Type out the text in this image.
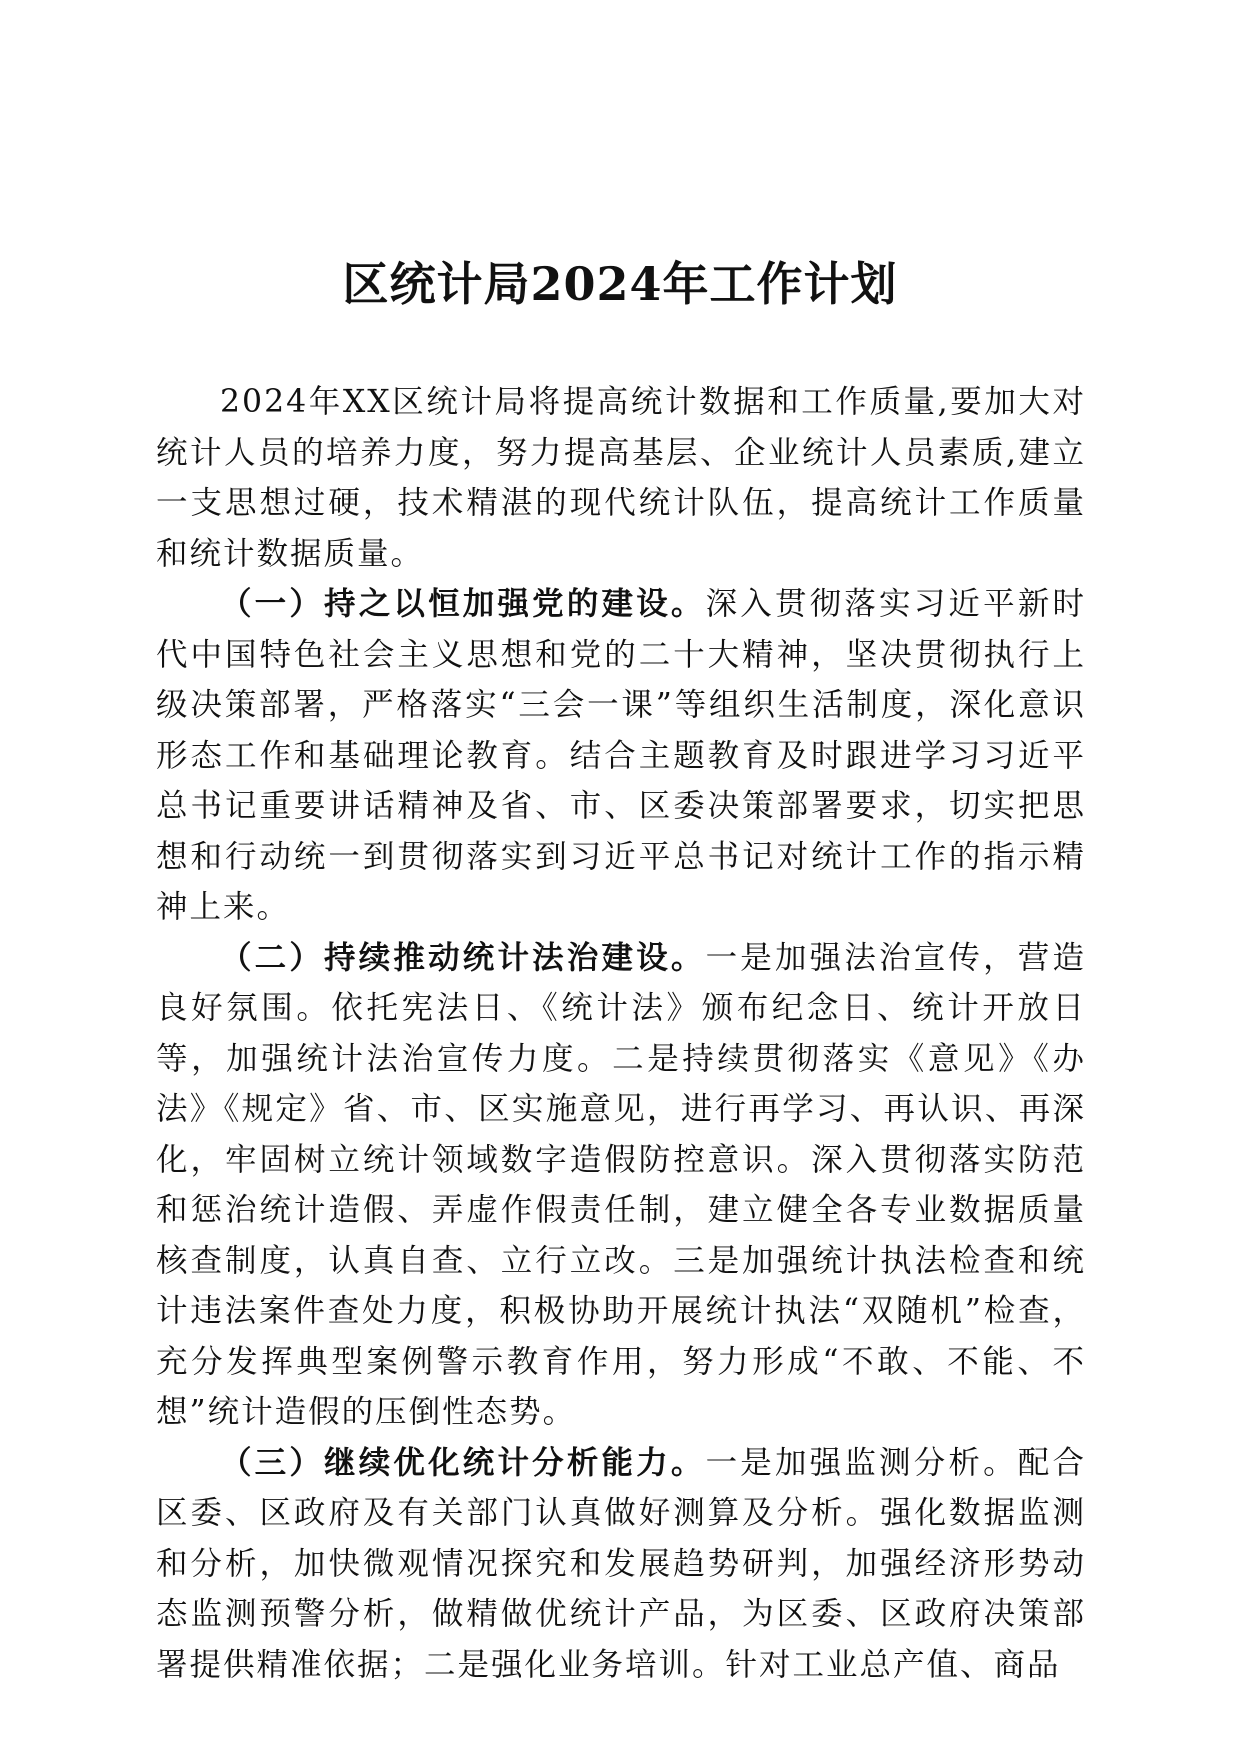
区统计局2024年工作计划

2024年XX区统计局将提高统计数据和工作质量,要加大对统计人员的培养力度，努力提高基层、企业统计人员素质,建立一支思想过硬，技术精湛的现代统计队伍，提高统计工作质量和统计数据质量。

（一）持之以恒加强党的建设。深入贯彻落实习近平新时代中国特色社会主义思想和党的二十大精神，坚决贯彻执行上级决策部署，严格落实“三会一课”等组织生活制度，深化意识形态工作和基础理论教育。结合主题教育及时跟进学习习近平总书记重要讲话精神及省、市、区委决策部署要求，切实把思想和行动统一到贯彻落实到习近平总书记对统计工作的指示精神上来。

（二）持续推动统计法治建设。一是加强法治宣传，营造良好氛围。依托宪法日、《统计法》颁布纪念日、统计开放日等，加强统计法治宣传力度。二是持续贯彻落实《意见》《办法》《规定》省、市、区实施意见，进行再学习、再认识、再深化，牢固树立统计领域数字造假防控意识。深入贯彻落实防范和惩治统计造假、弄虚作假责任制，建立健全各专业数据质量核查制度，认真自查、立行立改。三是加强统计执法检查和统计违法案件查处力度，积极协助开展统计执法“双随机”检查，充分发挥典型案例警示教育作用，努力形成“不敢、不能、不想”统计造假的压倒性态势。

（三）继续优化统计分析能力。一是加强监测分析。配合区委、区政府及有关部门认真做好测算及分析。强化数据监测和分析，加快微观情况探究和发展趋势研判，加强经济形势动态监测预警分析，做精做优统计产品，为区委、区政府决策部署提供精准依据；二是强化业务培训。针对工业总产值、商品
